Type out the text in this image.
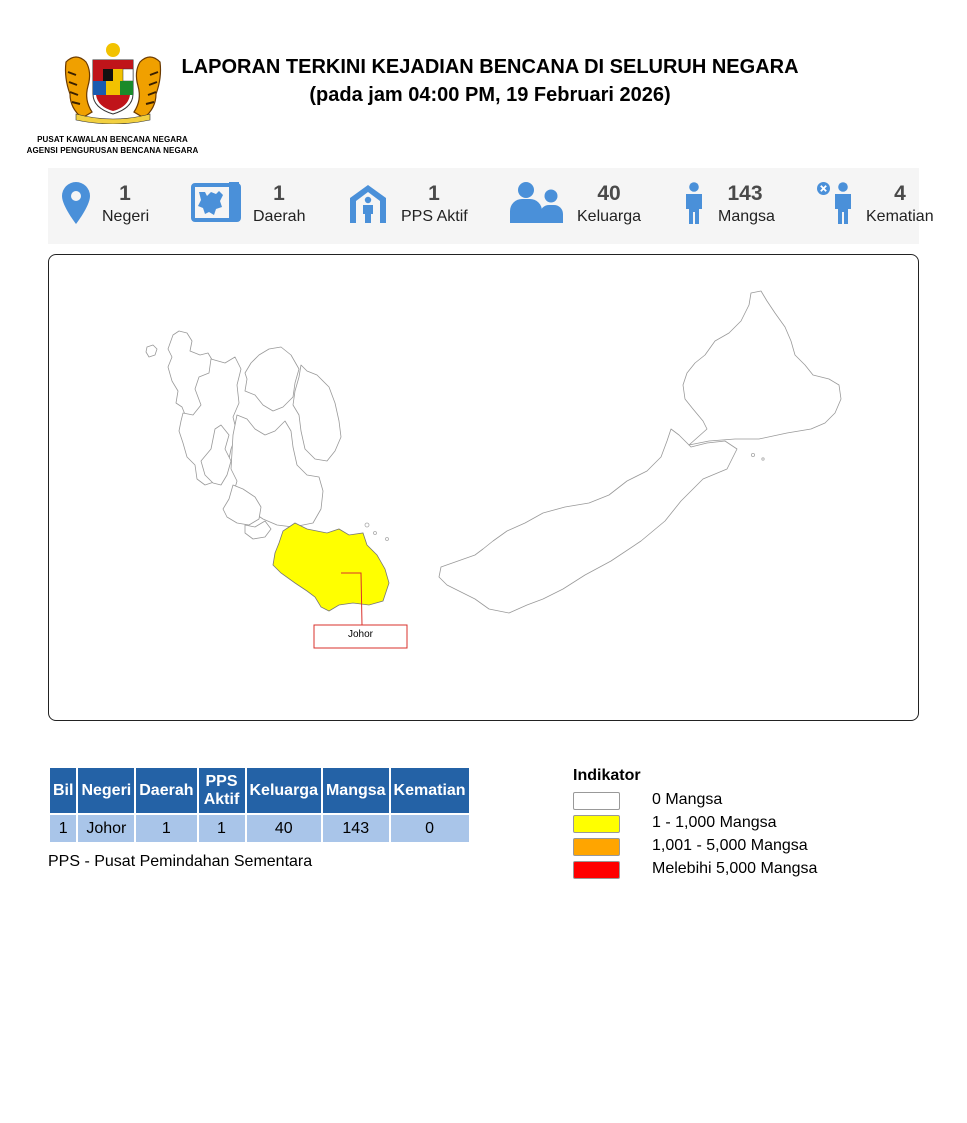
PUSAT KAWALAN BENCANA NEGARA
AGENSI PENGURUSAN BENCANA NEGARA
LAPORAN TERKINI KEJADIAN BENCANA DI SELURUH NEGARA
(pada jam 04:00 PM, 19 Februari 2026)
1
Negeri
1
Daerah
1
PPS Aktif
40
Keluarga
143
Mangsa
4
Kematian
Johor
Bil	Negeri	Daerah	PPS Aktif	Keluarga	Mangsa	Kematian
1	Johor	1	1	40	143	0
PPS - Pusat Pemindahan Sementara
Indikator
0 Mangsa
1 - 1,000 Mangsa
1,001 - 5,000 Mangsa
Melebihi 5,000 Mangsa
